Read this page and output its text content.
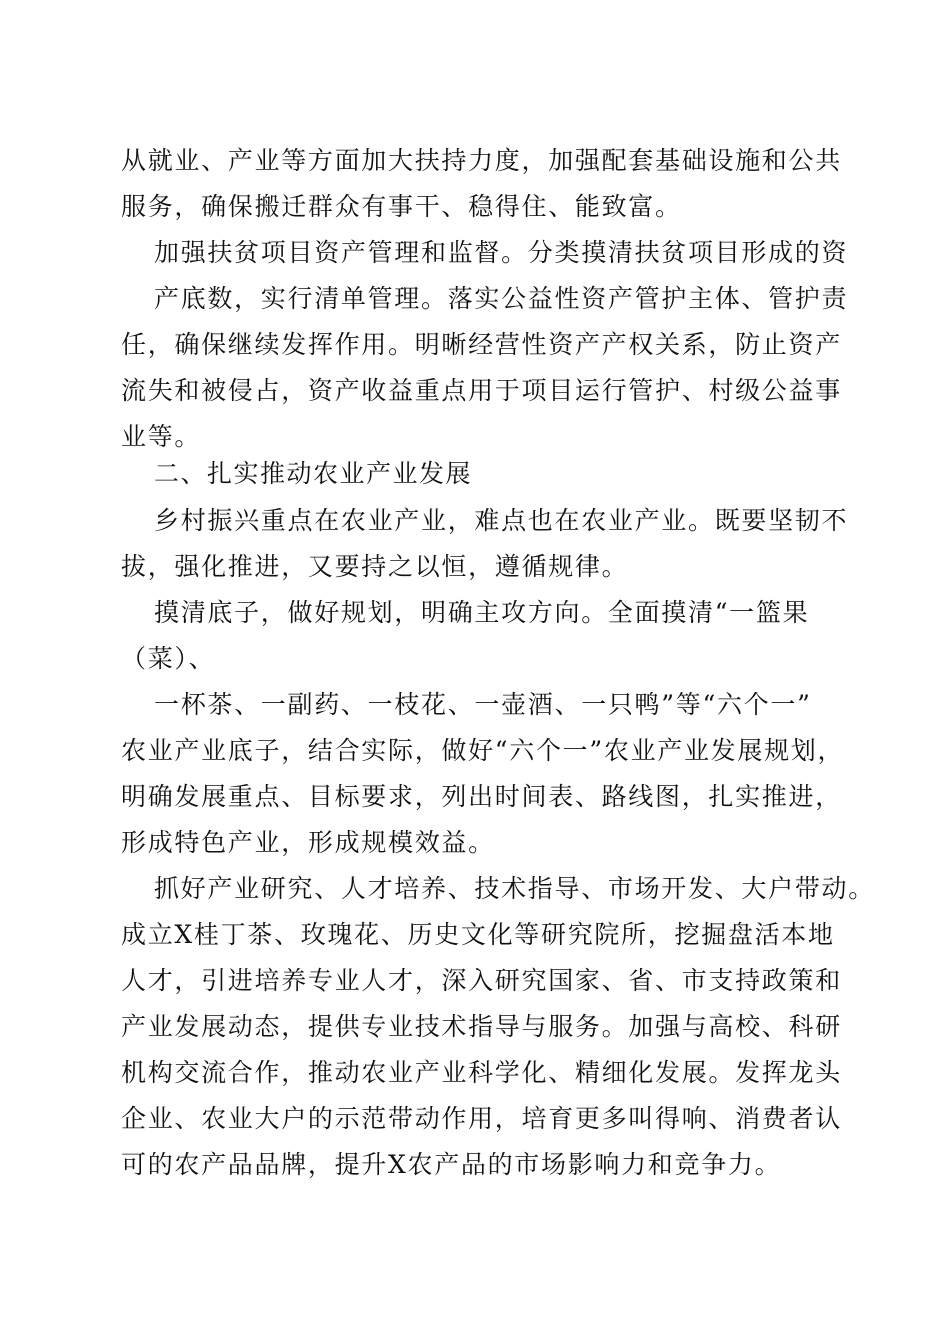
从就业、产业等方面加大扶持力度，加强配套基础设施和公共
服务，确保搬迁群众有事干、稳得住、能致富。
加强扶贫项目资产管理和监督。分类摸清扶贫项目形成的资
产底数，实行清单管理。落实公益性资产管护主体、管护责
任，确保继续发挥作用。明晰经营性资产产权关系，防止资产
流失和被侵占，资产收益重点用于项目运行管护、村级公益事
业等。
二、扎实推动农业产业发展
乡村振兴重点在农业产业，难点也在农业产业。既要坚韧不
拔，强化推进，又要持之以恒，遵循规律。
摸清底子，做好规划，明确主攻方向。全面摸清“一篮果
（菜）、
一杯茶、一副药、一枝花、一壶酒、一只鸭”等“六个一”
农业产业底子，结合实际，做好“六个一”农业产业发展规划，
明确发展重点、目标要求，列出时间表、路线图，扎实推进，
形成特色产业，形成规模效益。
抓好产业研究、人才培养、技术指导、市场开发、大户带动。
成立X桂丁茶、玫瑰花、历史文化等研究院所，挖掘盘活本地
人才，引进培养专业人才，深入研究国家、省、市支持政策和
产业发展动态，提供专业技术指导与服务。加强与高校、科研
机构交流合作，推动农业产业科学化、精细化发展。发挥龙头
企业、农业大户的示范带动作用，培育更多叫得响、消费者认
可的农产品品牌，提升X农产品的市场影响力和竞争力。
